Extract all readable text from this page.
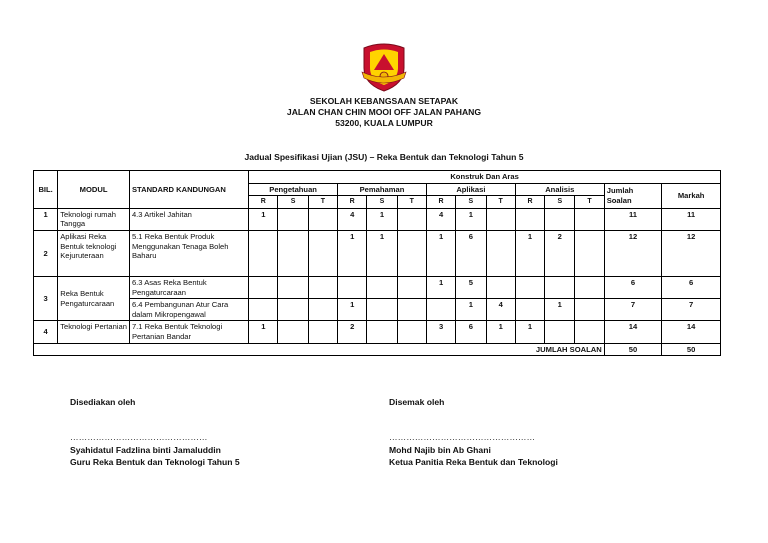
SEKOLAH KEBANGSAAN SETAPAK
JALAN CHAN CHIN MOOI OFF JALAN PAHANG
53200, KUALA LUMPUR
Jadual Spesifikasi Ujian (JSU) – Reka Bentuk dan Teknologi Tahun 5
BIL.	MODUL	STANDARD KANDUNGAN	Konstruk Dan Aras													
			Pengetahuan			Pemahaman			Aplikasi			Analisis			Jumlah Soalan	Markah
			R	S	T	R	S	T	R	S	T	R	S	T		
1	Teknologi rumah Tangga	4.3 Artikel Jahitan	1			4	1		4	1					11	11
2	Aplikasi Reka Bentuk teknologi Kejuruteraan	5.1 Reka Bentuk Produk Menggunakan Tenaga Boleh Baharu				1	1		1	6		1	2		12	12
3	Reka Bentuk Pengaturcaraan	6.3 Asas Reka Bentuk Pengaturcaraan							1	5					6	6
		6.4 Pembangunan Atur Cara dalam Mikropengawal				1				1	4		1		7	7
4	Teknologi Pertanian	7.1 Reka Bentuk Teknologi Pertanian Bandar	1			2			3	6	1	1			14	14
JUMLAH SOALAN															50	50
Disediakan oleh
…………………………………………
Syahidatul Fadzlina binti Jamaluddin
Guru Reka Bentuk dan Teknologi Tahun 5
Disemak oleh
……………………………………………
Mohd Najib bin Ab Ghani
Ketua Panitia Reka Bentuk dan Teknologi
